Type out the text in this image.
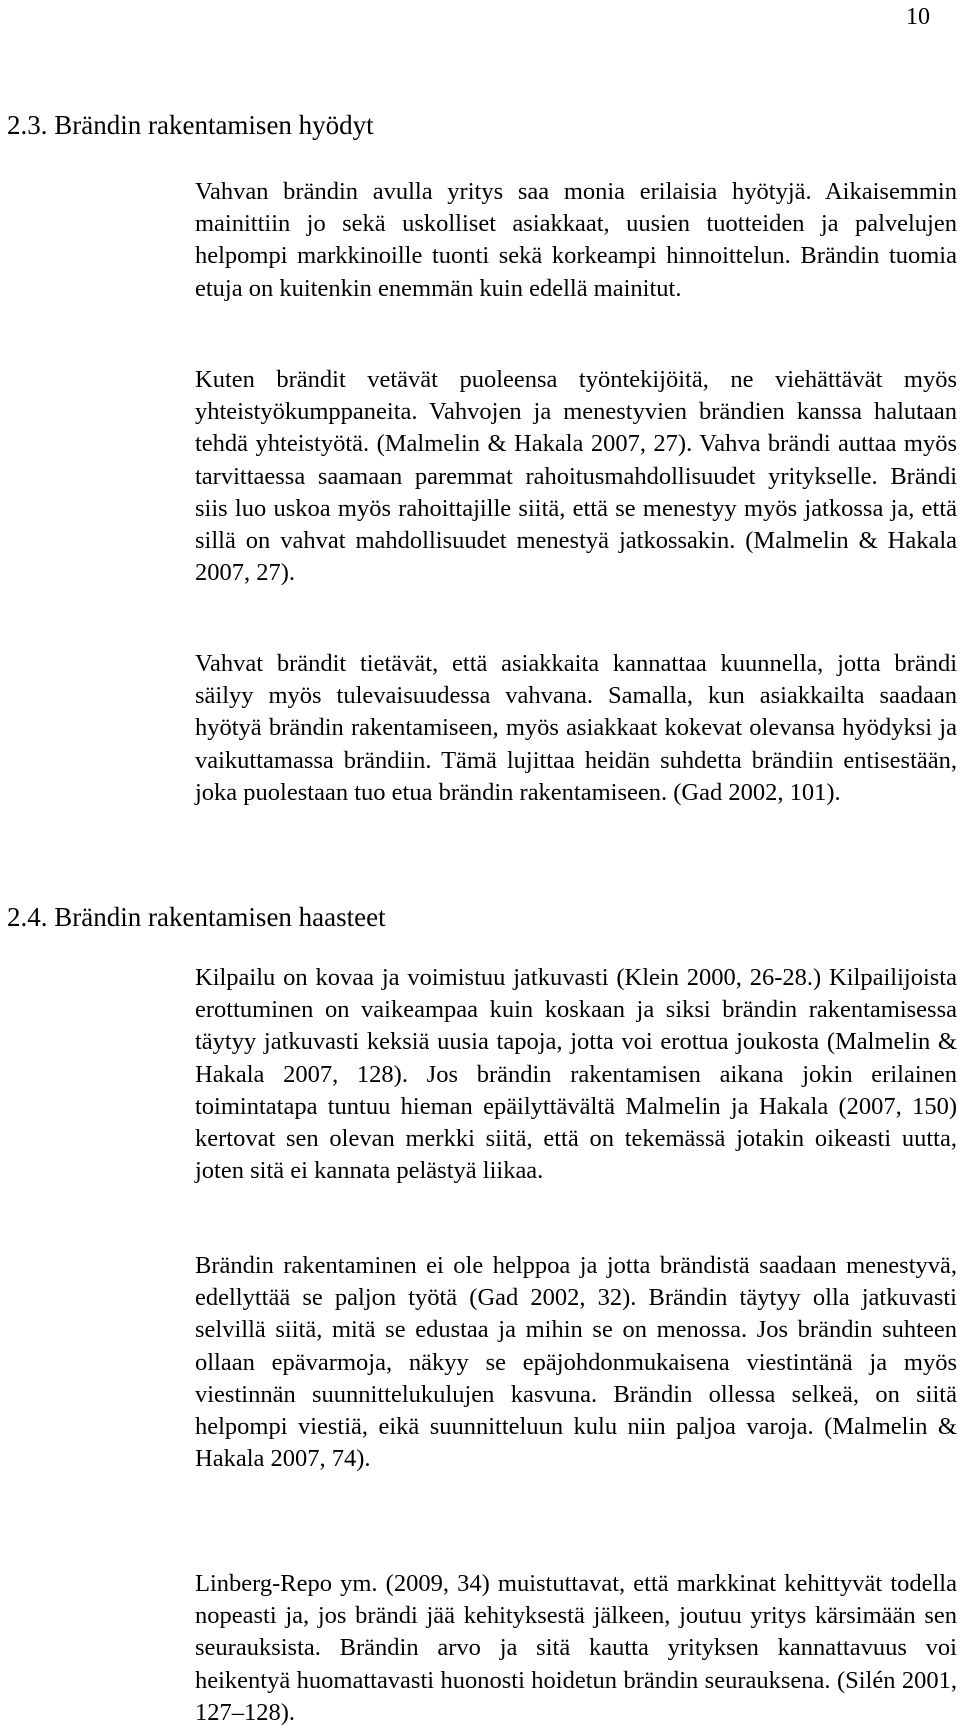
10
2.3. Brändin rakentamisen hyödyt

Vahvan brändin avulla yritys saa monia erilaisia hyötyjä. Aikaisemmin mainittiin jo sekä uskolliset asiakkaat, uusien tuotteiden ja palvelujen helpompi markkinoille tuonti sekä korkeampi hinnoittelun. Brändin tuomia etuja on kuitenkin enemmän kuin edellä mainitut.

Kuten brändit vetävät puoleensa työntekijöitä, ne viehättävät myös yhteistyökumppaneita. Vahvojen ja menestyvien brändien kanssa halutaan tehdä yhteistyötä. (Malmelin & Hakala 2007, 27). Vahva brändi auttaa myös tarvittaessa saamaan paremmat rahoitusmahdollisuudet yritykselle. Brändi siis luo uskoa myös rahoittajille siitä, että se menestyy myös jatkossa ja, että sillä on vahvat mahdollisuudet menestyä jatkossakin. (Malmelin & Hakala 2007, 27).

Vahvat brändit tietävät, että asiakkaita kannattaa kuunnella, jotta brändi säilyy myös tulevaisuudessa vahvana. Samalla, kun asiakkailta saadaan hyötyä brändin rakentamiseen, myös asiakkaat kokevat olevansa hyödyksi ja vaikuttamassa brändiin. Tämä lujittaa heidän suhdetta brändiin entisestään, joka puolestaan tuo etua brändin rakentamiseen. (Gad 2002, 101).

2.4. Brändin rakentamisen haasteet

Kilpailu on kovaa ja voimistuu jatkuvasti (Klein 2000, 26-28.) Kilpailijoista erottuminen on vaikeampaa kuin koskaan ja siksi brändin rakentamisessa täytyy jatkuvasti keksiä uusia tapoja, jotta voi erottua joukosta (Malmelin & Hakala 2007, 128). Jos brändin rakentamisen aikana jokin erilainen toimintatapa tuntuu hieman epäilyttävältä Malmelin ja Hakala (2007, 150) kertovat sen olevan merkki siitä, että on tekemässä jotakin oikeasti uutta, joten sitä ei kannata pelästyä liikaa.

Brändin rakentaminen ei ole helppoa ja jotta brändistä saadaan menestyvä, edellyttää se paljon työtä (Gad 2002, 32). Brändin täytyy olla jatkuvasti selvillä siitä, mitä se edustaa ja mihin se on menossa. Jos brändin suhteen ollaan epävarmoja, näkyy se epäjohdonmukaisena viestintänä ja myös viestinnän suunnittelukulujen kasvuna. Brändin ollessa selkeä, on siitä helpompi viestiä, eikä suunnitteluun kulu niin paljoa varoja. (Malmelin & Hakala 2007, 74).

Linberg-Repo ym. (2009, 34) muistuttavat, että markkinat kehittyvät todella nopeasti ja, jos brändi jää kehityksestä jälkeen, joutuu yritys kärsimään sen seurauksista. Brändin arvo ja sitä kautta yrityksen kannattavuus voi heikentyä huomattavasti huonosti hoidetun brändin seurauksena. (Silén 2001, 127–128).
